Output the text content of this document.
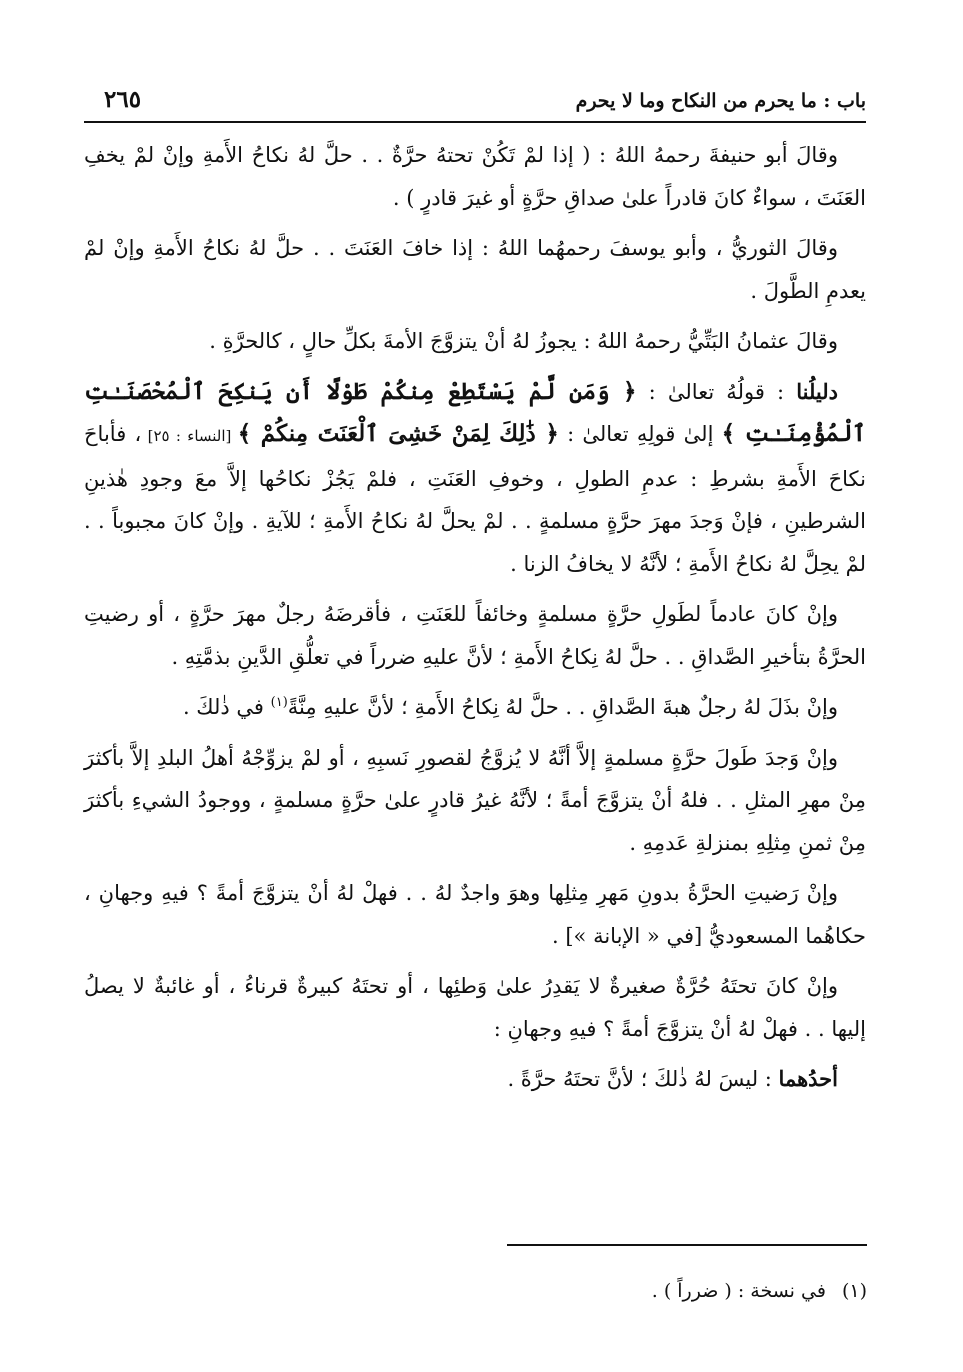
باب : ما يحرم من النكاح وما لا يحرم
٢٦٥

وقالَ أبو حنيفةَ رحمهُ اللهُ : ( إذا لمْ تَكُنْ تحتهُ حرَّةٌ . . حلَّ لهُ نكاحُ الأَمةِ وإنْ لمْ يخفِ العَنَتَ ، سواءٌ كانَ قادراً علىٰ صداقِ حرَّةٍ أو غيرَ قادرٍ ) .

وقالَ الثوريُّ ، وأبو يوسفَ رحمهُما اللهُ : إذا خافَ العَنَتَ . . حلَّ لهُ نكاحُ الأَمةِ وإنْ لمْ يعدمِ الطَّولَ .

وقالَ عثمانُ البَتِّيُّ رحمهُ اللهُ : يجوزُ لهُ أنْ يتزوَّجَ الأمةَ بكلِّ حالٍ ، كالحرَّةِ .

دليلُنا : قولُهُ تعالىٰ : ﴿ وَمَن لَّمْ يَسْتَطِعْ مِنكُمْ طَوْلًا أَن يَنكِحَ ٱلْمُحْصَنَـٰتِ ٱلْمُؤْمِنَـٰتِ ﴾ إلىٰ قولِهِ تعالىٰ : ﴿ ذَٰلِكَ لِمَنْ خَشِىَ ٱلْعَنَتَ مِنكُمْ ﴾ [النساء : ٢٥] ، فأباحَ نكاحَ الأَمةِ بشرطِ : عدمِ الطولِ ، وخوفِ العَنَتِ ، فلمْ يَجُزْ نكاحُها إلاَّ معَ وجودِ هٰذينِ الشرطينِ ، فإنْ وَجدَ مهرَ حرَّةٍ مسلمةٍ . . لمْ يحلَّ لهُ نكاحُ الأَمةِ ؛ للآيةِ . وإنْ كانَ مجبوباً . . لمْ يحِلَّ لهُ نكاحُ الأَمةِ ؛ لأنَّهُ لا يخافُ الزنا .

وإنْ كانَ عادماً لطَولِ حرَّةٍ مسلمةٍ وخائفاً للعَنَتِ ، فأقرضَهُ رجلٌ مهرَ حرَّةٍ ، أو رضيتِ الحرَّةُ بتأخيرِ الصَّداقِ . . حلَّ لهُ نِكاحُ الأَمةِ ؛ لأنَّ عليهِ ضرراً في تعلُّقِ الدَّينِ بذمَّتِهِ .

وإنْ بذَلَ لهُ رجلٌ هبةَ الصَّداقِ . . حلَّ لهُ نِكاحُ الأَمةِ ؛ لأنَّ عليهِ مِنَّةً$^{(١)}$ في ذٰلكَ .

وإنْ وَجدَ طَولَ حرَّةٍ مسلمةٍ إلاَّ أنَّهُ لا يُزوَّجُ لقصورِ نَسبِهِ ، أو لمْ يزوِّجْهُ أهلُ البلدِ إلاَّ بأكثرَ مِنْ مهرِ المثلِ . . فلهُ أنْ يتزوَّجَ أمةً ؛ لأنَّهُ غيرُ قادرٍ علىٰ حرَّةٍ مسلمةٍ ، ووجودُ الشيءِ بأكثرَ مِنْ ثمنِ مِثلِهِ بمنزلةِ عَدمِهِ .

وإنْ رَضيتِ الحرَّةُ بدونِ مَهرِ مِثلِها وهوَ واجدٌ لهُ . . فهلْ لهُ أنْ يتزوَّجَ أمةً ؟ فيهِ وجهانِ ، حكاهُما المسعوديُّ [في « الإبانة »] .

وإنْ كانَ تحتَهُ حُرَّةٌ صغيرةٌ لا يَقدِرُ علىٰ وَطئِها ، أو تحتَهُ كبيرةٌ قرناءُ ، أو غائبةٌ لا يصلُ إليها . . فهلْ لهُ أنْ يتزوَّجَ أمةً ؟ فيهِ وجهانِ :

أحدُهما : ليسَ لهُ ذٰلكَ ؛ لأنَّ تحتَهُ حرَّةً .

(١)في نسخة : ( ضرراً ) .
